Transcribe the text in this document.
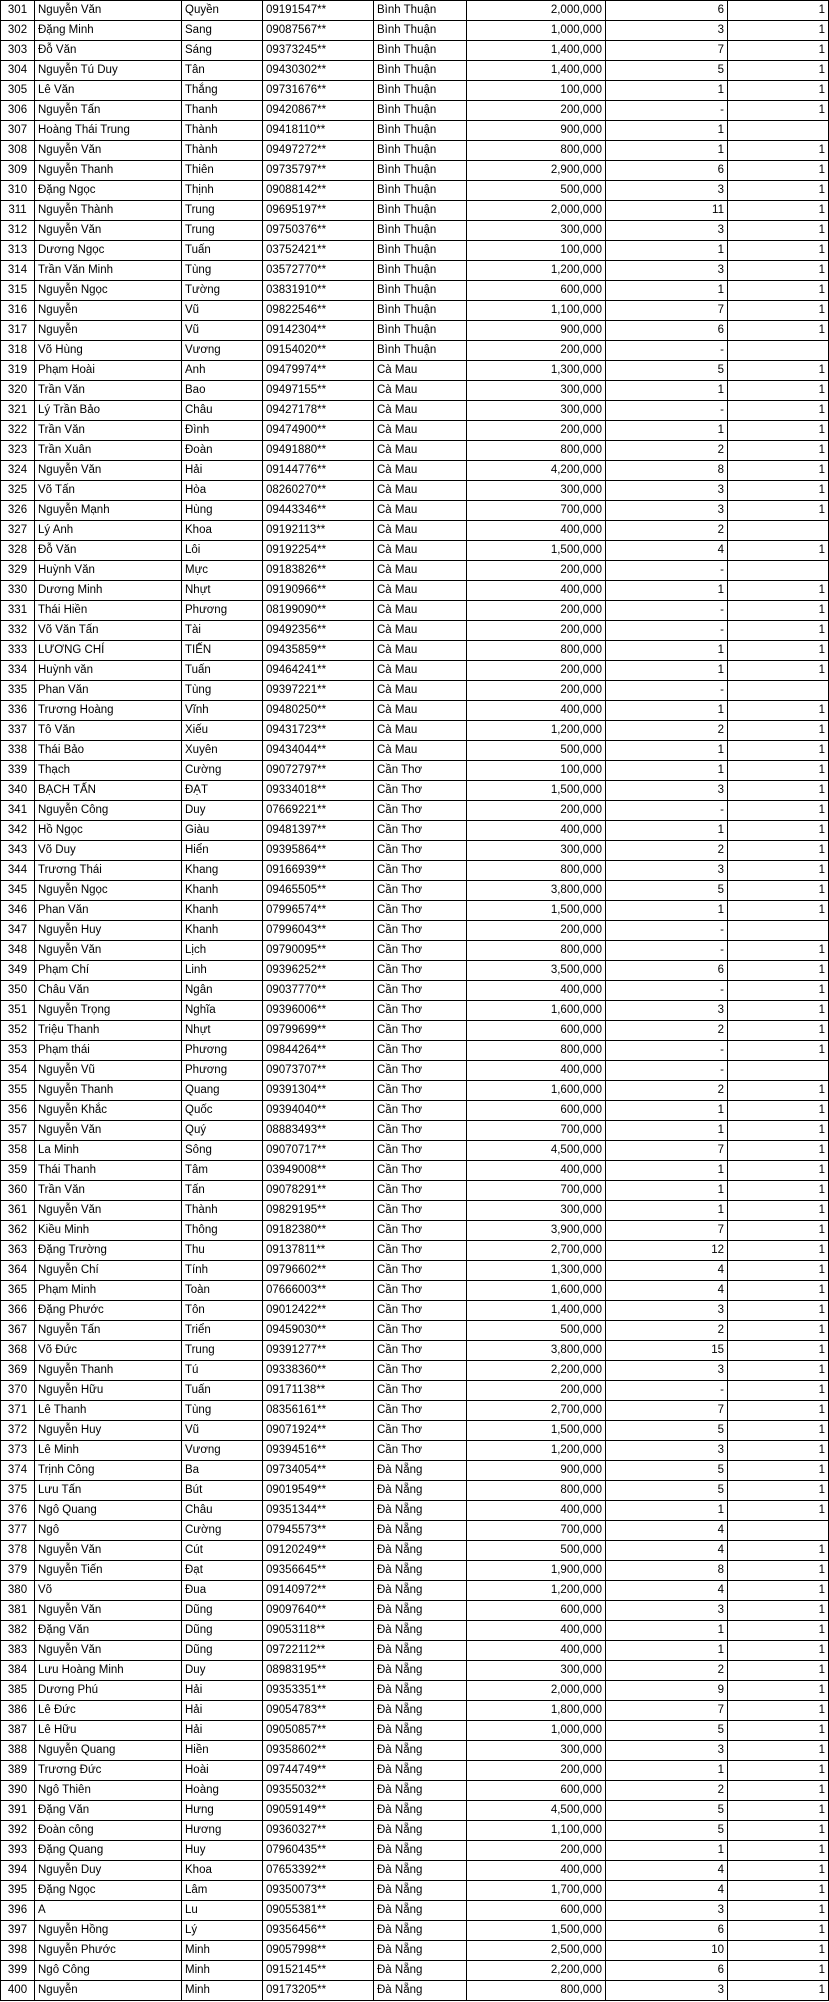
301	Nguyễn Văn	Quyền	09191547**	Bình Thuận	2,000,000	6	1
302	Đặng Minh	Sang	09087567**	Bình Thuận	1,000,000	3	1
303	Đỗ Văn	Sáng	09373245**	Bình Thuận	1,400,000	7	1
304	Nguyễn Tú Duy	Tân	09430302**	Bình Thuận	1,400,000	5	1
305	Lê Văn	Thắng	09731676**	Bình Thuận	100,000	1	1
306	Nguyễn Tấn	Thanh	09420867**	Bình Thuận	200,000	-	1
307	Hoàng Thái Trung	Thành	09418110**	Bình Thuận	900,000	1	
308	Nguyễn Văn	Thành	09497272**	Bình Thuận	800,000	1	1
309	Nguyễn Thanh	Thiên	09735797**	Bình Thuận	2,900,000	6	1
310	Đặng Ngọc	Thịnh	09088142**	Bình Thuận	500,000	3	1
311	Nguyễn Thành	Trung	09695197**	Bình Thuận	2,000,000	11	1
312	Nguyễn Văn	Trung	09750376**	Bình Thuận	300,000	3	1
313	Dương Ngọc	Tuấn	03752421**	Bình Thuận	100,000	1	1
314	Trần Văn Minh	Tùng	03572770**	Bình Thuận	1,200,000	3	1
315	Nguyễn Ngọc	Tường	03831910**	Bình Thuận	600,000	1	1
316	Nguyễn	Vũ	09822546**	Bình Thuận	1,100,000	7	1
317	Nguyễn	Vũ	09142304**	Bình Thuận	900,000	6	1
318	Võ Hùng	Vương	09154020**	Bình Thuận	200,000	-	
319	Phạm Hoài	Anh	09479974**	Cà Mau	1,300,000	5	1
320	Trần Văn	Bao	09497155**	Cà Mau	300,000	1	1
321	Lý Trần Bảo	Châu	09427178**	Cà Mau	300,000	-	1
322	Trần Văn	Đình	09474900**	Cà Mau	200,000	1	1
323	Trần Xuân	Đoàn	09491880**	Cà Mau	800,000	2	1
324	Nguyễn Văn	Hải	09144776**	Cà Mau	4,200,000	8	1
325	Võ Tấn	Hòa	08260270**	Cà Mau	300,000	3	1
326	Nguyễn Mạnh	Hùng	09443346**	Cà Mau	700,000	3	1
327	Lý Anh	Khoa	09192113**	Cà Mau	400,000	2	
328	Đỗ Văn	Lôi	09192254**	Cà Mau	1,500,000	4	1
329	Huỳnh Văn	Mực	09183826**	Cà Mau	200,000	-	
330	Dương Minh	Nhựt	09190966**	Cà Mau	400,000	1	1
331	Thái Hiền	Phương	08199090**	Cà Mau	200,000	-	1
332	Võ Văn Tấn	Tài	09492356**	Cà Mau	200,000	-	1
333	LƯƠNG CHÍ	TIẾN	09435859**	Cà Mau	800,000	1	1
334	Huỳnh văn	Tuấn	09464241**	Cà Mau	200,000	1	1
335	Phan Văn	Tùng	09397221**	Cà Mau	200,000	-	
336	Trương Hoàng	Vĩnh	09480250**	Cà Mau	400,000	1	1
337	Tô Văn	Xiếu	09431723**	Cà Mau	1,200,000	2	1
338	Thái Bảo	Xuyên	09434044**	Cà Mau	500,000	1	1
339	Thạch	Cường	09072797**	Cần Thơ	100,000	1	1
340	BẠCH TẤN	ĐẠT	09334018**	Cần Thơ	1,500,000	3	1
341	Nguyễn Công	Duy	07669221**	Cần Thơ	200,000	-	1
342	Hồ Ngọc	Giàu	09481397**	Cần Thơ	400,000	1	1
343	Võ Duy	Hiển	09395864**	Cần Thơ	300,000	2	1
344	Trương Thái	Khang	09166939**	Cần Thơ	800,000	3	1
345	Nguyễn Ngọc	Khanh	09465505**	Cần Thơ	3,800,000	5	1
346	Phan Văn	Khanh	07996574**	Cần Thơ	1,500,000	1	1
347	Nguyễn Huy	Khanh	07996043**	Cần Thơ	200,000	-	
348	Nguyễn Văn	Lịch	09790095**	Cần Thơ	800,000	-	1
349	Phạm Chí	Linh	09396252**	Cần Thơ	3,500,000	6	1
350	Châu Văn	Ngân	09037770**	Cần Thơ	400,000	-	1
351	Nguyễn Trọng	Nghĩa	09396006**	Cần Thơ	1,600,000	3	1
352	Triệu Thanh	Nhựt	09799699**	Cần Thơ	600,000	2	1
353	Phạm thái	Phương	09844264**	Cần Thơ	800,000	-	1
354	Nguyễn Vũ	Phương	09073707**	Cần Thơ	400,000	-	
355	Nguyễn Thanh	Quang	09391304**	Cần Thơ	1,600,000	2	1
356	Nguyễn Khắc	Quốc	09394040**	Cần Thơ	600,000	1	1
357	Nguyễn Văn	Quý	08883493**	Cần Thơ	700,000	1	1
358	La Minh	Sông	09070717**	Cần Thơ	4,500,000	7	1
359	Thái Thanh	Tâm	03949008**	Cần Thơ	400,000	1	1
360	Trần Văn	Tấn	09078291**	Cần Thơ	700,000	1	1
361	Nguyễn Văn	Thành	09829195**	Cần Thơ	300,000	1	1
362	Kiều Minh	Thông	09182380**	Cần Thơ	3,900,000	7	1
363	Đặng Trường	Thu	09137811**	Cần Thơ	2,700,000	12	1
364	Nguyễn Chí	Tính	09796602**	Cần Thơ	1,300,000	4	1
365	Phạm Minh	Toàn	07666003**	Cần Thơ	1,600,000	4	1
366	Đặng Phước	Tôn	09012422**	Cần Thơ	1,400,000	3	1
367	Nguyễn Tấn	Triển	09459030**	Cần Thơ	500,000	2	1
368	Võ Đức	Trung	09391277**	Cần Thơ	3,800,000	15	1
369	Nguyễn Thanh	Tú	09338360**	Cần Thơ	2,200,000	3	1
370	Nguyễn Hữu	Tuấn	09171138**	Cần Thơ	200,000	-	1
371	Lê Thanh	Tùng	08356161**	Cần Thơ	2,700,000	7	1
372	Nguyễn Huy	Vũ	09071924**	Cần Thơ	1,500,000	5	1
373	Lê Minh	Vương	09394516**	Cần Thơ	1,200,000	3	1
374	Trịnh Công	Ba	09734054**	Đà Nẵng	900,000	5	1
375	Lưu Tấn	Bút	09019549**	Đà Nẵng	800,000	5	1
376	Ngô Quang	Châu	09351344**	Đà Nẵng	400,000	1	1
377	Ngô	Cường	07945573**	Đà Nẵng	700,000	4	
378	Nguyễn Văn	Cút	09120249**	Đà Nẵng	500,000	4	1
379	Nguyễn Tiến	Đạt	09356645**	Đà Nẵng	1,900,000	8	1
380	Võ	Đua	09140972**	Đà Nẵng	1,200,000	4	1
381	Nguyễn Văn	Dũng	09097640**	Đà Nẵng	600,000	3	1
382	Đặng Văn	Dũng	09053118**	Đà Nẵng	400,000	1	1
383	Nguyễn Văn	Dũng	09722112**	Đà Nẵng	400,000	1	1
384	Lưu Hoàng Minh	Duy	08983195**	Đà Nẵng	300,000	2	1
385	Dương Phú	Hải	09353351**	Đà Nẵng	2,000,000	9	1
386	Lê Đức	Hải	09054783**	Đà Nẵng	1,800,000	7	1
387	Lê Hữu	Hải	09050857**	Đà Nẵng	1,000,000	5	1
388	Nguyễn Quang	Hiền	09358602**	Đà Nẵng	300,000	3	1
389	Trương Đức	Hoài	09744749**	Đà Nẵng	200,000	1	1
390	Ngô Thiên	Hoàng	09355032**	Đà Nẵng	600,000	2	1
391	Đặng Văn	Hưng	09059149**	Đà Nẵng	4,500,000	5	1
392	Đoàn công	Hương	09360327**	Đà Nẵng	1,100,000	5	1
393	Đặng Quang	Huy	07960435**	Đà Nẵng	200,000	1	1
394	Nguyễn Duy	Khoa	07653392**	Đà Nẵng	400,000	4	1
395	Đặng Ngọc	Lâm	09350073**	Đà Nẵng	1,700,000	4	1
396	A	Lu	09055381**	Đà Nẵng	600,000	3	1
397	Nguyễn Hồng	Lý	09356456**	Đà Nẵng	1,500,000	6	1
398	Nguyễn Phước	Minh	09057998**	Đà Nẵng	2,500,000	10	1
399	Ngô Công	Minh	09152145**	Đà Nẵng	2,200,000	6	1
400	Nguyễn	Minh	09173205**	Đà Nẵng	800,000	3	1
